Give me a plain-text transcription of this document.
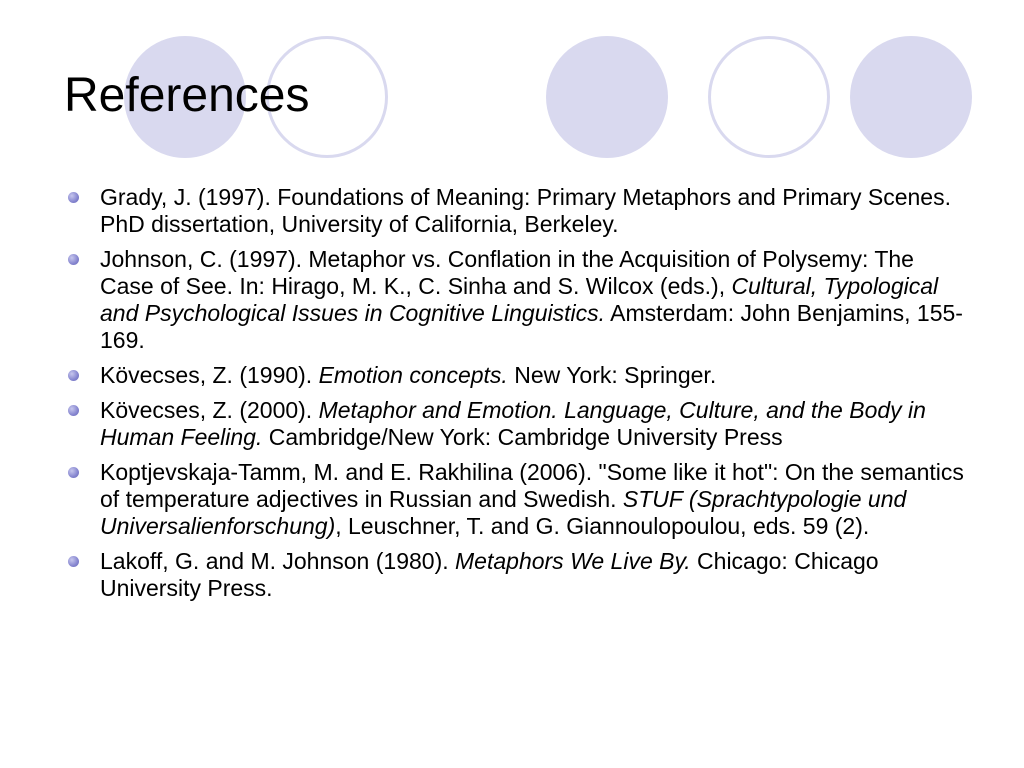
References
Grady, J. (1997). Foundations of Meaning: Primary Metaphors and Primary Scenes. PhD dissertation, University of California, Berkeley.
Johnson, C. (1997). Metaphor vs. Conflation in the Acquisition of Polysemy: The Case of See. In: Hirago, M. K., C. Sinha and S. Wilcox (eds.), Cultural, Typological and Psychological Issues in Cognitive Linguistics. Amsterdam: John Benjamins, 155-169.
Kövecses, Z. (1990). Emotion concepts. New York: Springer.
Kövecses, Z. (2000). Metaphor and Emotion. Language, Culture, and the Body in Human Feeling. Cambridge/New York: Cambridge University Press
Koptjevskaja-Tamm, M. and E. Rakhilina (2006). "Some like it hot": On the semantics of temperature adjectives in Russian and Swedish. STUF (Sprachtypologie und Universalienforschung), Leuschner, T. and G. Giannoulopoulou, eds. 59 (2).
Lakoff, G. and M. Johnson (1980). Metaphors We Live By. Chicago: Chicago University Press.
